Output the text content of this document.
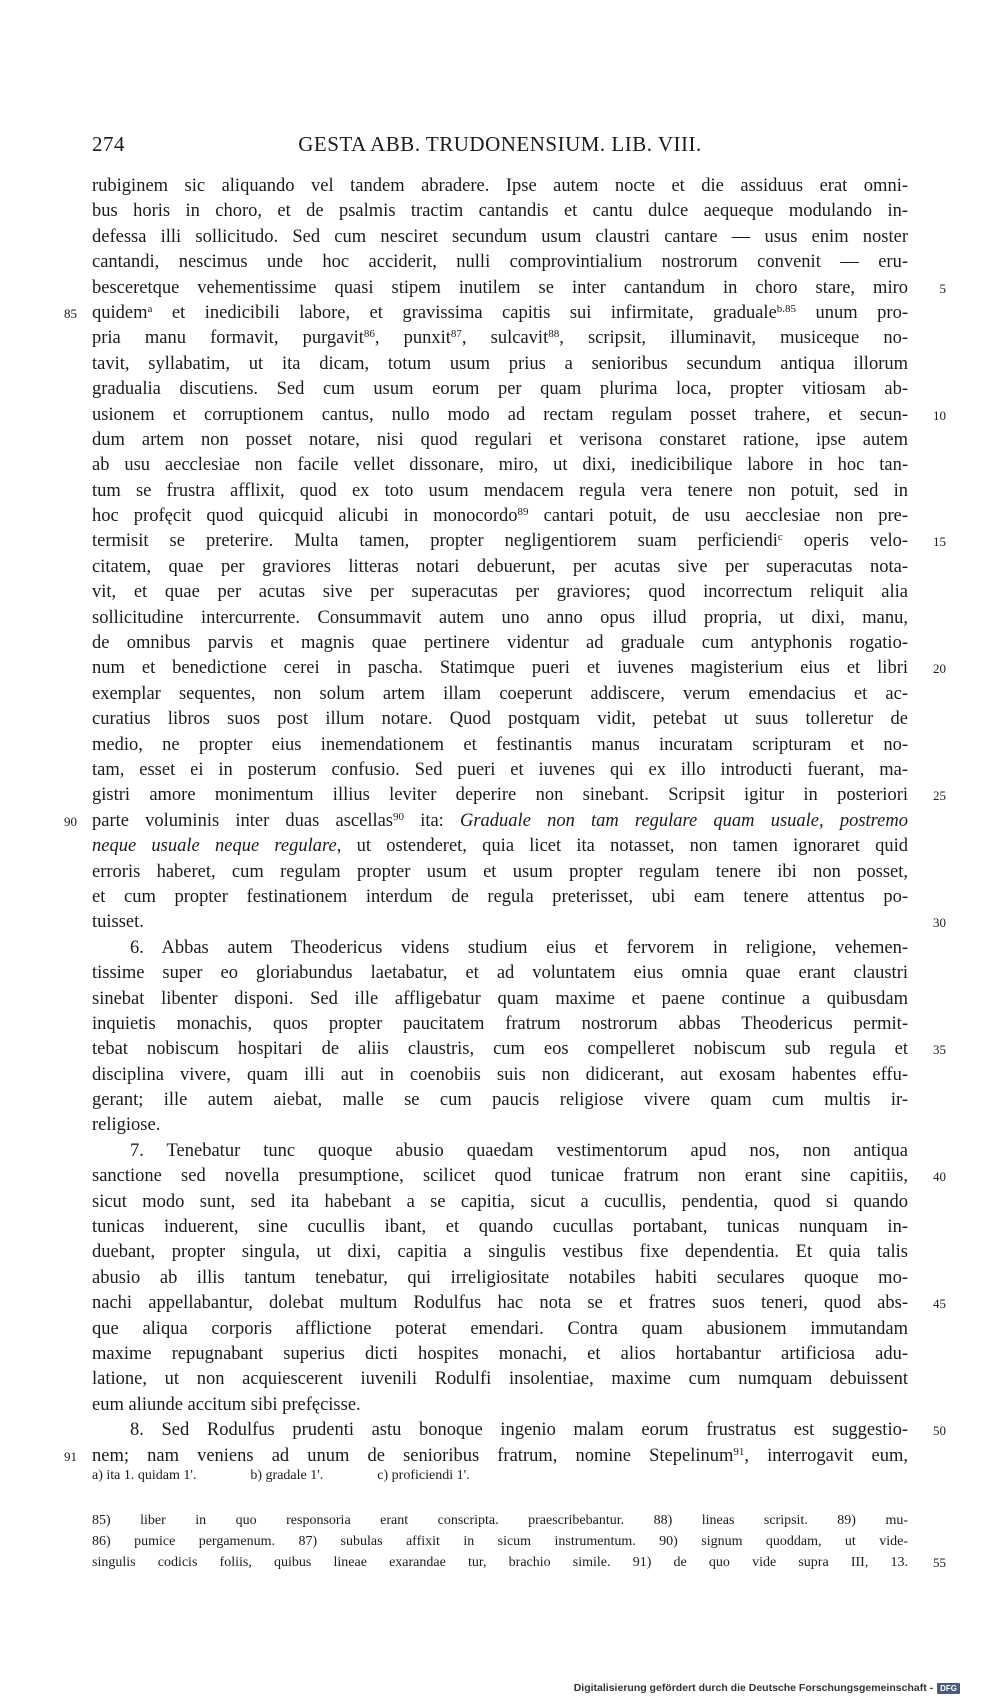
274	GESTA ABB. TRUDONENSIUM. LIB. VIII.
rubiginem sic aliquando vel tandem abradere. Ipse autem nocte et die assiduus erat omni-
bus horis in choro, et de psalmis tractim cantandis et cantu dulce aequeque modulando in-
defessa illi sollicitudo. Sed cum nesciret secundum usum claustri cantare — usus enim noster
cantandi, nescimus unde hoc acciderit, nulli comprovintialium nostrorum convenit — eru-
besceretque vehementissime quasi stipem inutilem se inter cantandum in choro stare, miro 5
quidem$^a$ et inedicibili labore, et gravissima capitis sui infirmitate, graduale$^{b.85}$ unum pro-
85
pria manu formavit, purgavit$^{86}$, punxit$^{87}$, sulcavit$^{88}$, scripsit, illuminavit, musiceque no-
tavit, syllabatim, ut ita dicam, totum usum prius a senioribus secundum antiqua illorum
gradualia discutiens. Sed cum usum eorum per quam plurima loca, propter vitiosam ab-
usionem et corruptionem cantus, nullo modo ad rectam regulam posset trahere, et secun- 10
dum artem non posset notare, nisi quod regulari et verisona constaret ratione, ipse autem
ab usu aecclesiae non facile vellet dissonare, miro, ut dixi, inedicibilique labore in hoc tan-
tum se frustra afflixit, quod ex toto usum mendacem regula vera tenere non potuit, sed in
hoc profęcit quod quicquid alicubi in monocordo$^{89}$ cantari potuit, de usu aecclesiae non pre-
termisit se preterire. Multa tamen, propter negligentiorem suam perficiendi$^c$ operis velo- 15
citatem, quae per graviores litteras notari debuerunt, per acutas sive per superacutas nota-
vit, et quae per acutas sive per superacutas per graviores; quod incorrectum reliquit alia
sollicitudine intercurrente. Consummavit autem uno anno opus illud propria, ut dixi, manu,
de omnibus parvis et magnis quae pertinere videntur ad graduale cum antyphonis rogatio-
num et benedictione cerei in pascha. Statimque pueri et iuvenes magisterium eius et libri 20
exemplar sequentes, non solum artem illam coeperunt addiscere, verum emendacius et ac-
curatius libros suos post illum notare. Quod postquam vidit, petebat ut suus tolleretur de
medio, ne propter eius inemendationem et festinantis manus incuratam scripturam et no-
tam, esset ei in posterum confusio. Sed pueri et iuvenes qui ex illo introducti fuerant, ma-
gistri amore monimentum illius leviter deperire non sinebant. Scripsit igitur in posteriori 25
parte voluminis inter duas ascellas$^{90}$ ita: Graduale non tam regulare quam usuale, postremo
90
neque usuale neque regulare, ut ostenderet, quia licet ita notasset, non tamen ignoraret quid
erroris haberet, cum regulam propter usum et usum propter regulam tenere ibi non posset,
et cum propter festinationem interdum de regula preterisset, ubi eam tenere attentus po-
tuisset.	30
6. Abbas autem Theodericus videns studium eius et fervorem in religione, vehemen-
tissime super eo gloriabundus laetabatur, et ad voluntatem eius omnia quae erant claustri
sinebat libenter disponi. Sed ille affligebatur quam maxime et paene continue a quibusdam
inquietis monachis, quos propter paucitatem fratrum nostrorum abbas Theodericus permit-
tebat nobiscum hospitari de aliis claustris, cum eos compelleret nobiscum sub regula et 35
disciplina vivere, quam illi aut in coenobiis suis non didicerant, aut exosam habentes effu-
gerant; ille autem aiebat, malle se cum paucis religiose vivere quam cum multis ir-
religiose.
7. Tenebatur tunc quoque abusio quaedam vestimentorum apud nos, non antiqua
sanctione sed novella presumptione, scilicet quod tunicae fratrum non erant sine capitiis, 40
sicut modo sunt, sed ita habebant a se capitia, sicut a cucullis, pendentia, quod si quando
tunicas induerent, sine cucullis ibant, et quando cucullas portabant, tunicas nunquam in-
duebant, propter singula, ut dixi, capitia a singulis vestibus fixe dependentia. Et quia talis
abusio ab illis tantum tenebatur, qui irreligiositate notabiles habiti seculares quoque mo-
nachi appellabantur, dolebat multum Rodulfus hac nota se et fratres suos teneri, quod abs- 45
que aliqua corporis afflictione poterat emendari. Contra quam abusionem immutandam
maxime repugnabant superius dicti hospites monachi, et alios hortabantur artificiosa adu-
latione, ut non acquiescerent iuvenili Rodulfi insolentiae, maxime cum numquam debuissent
eum aliunde accitum sibi prefęcisse.
8. Sed Rodulfus prudenti astu bonoque ingenio malam eorum frustratus est suggestio- 50
nem; nam veniens ad unum de senioribus fratrum, nomine Stepelinum$^{91}$, interrogavit eum,
91
a) ita 1. quidam 1'.	b) gradale 1'.	c) proficiendi 1'.
85) liber in quo responsoria erant conscripta. praescribebantur. 88) lineas scripsit. 89) mu-
86) pumice pergamenum. 87) subulas affixit in sicum instrumentum. 90) signum quoddam, ut vide-
singulis codicis foliis, quibus lineae exarandae tur, brachio simile. 91) de quo vide supra III, 13. 55
Digitalisierung gefördert durch die Deutsche Forschungsgemeinschaft - DFG
